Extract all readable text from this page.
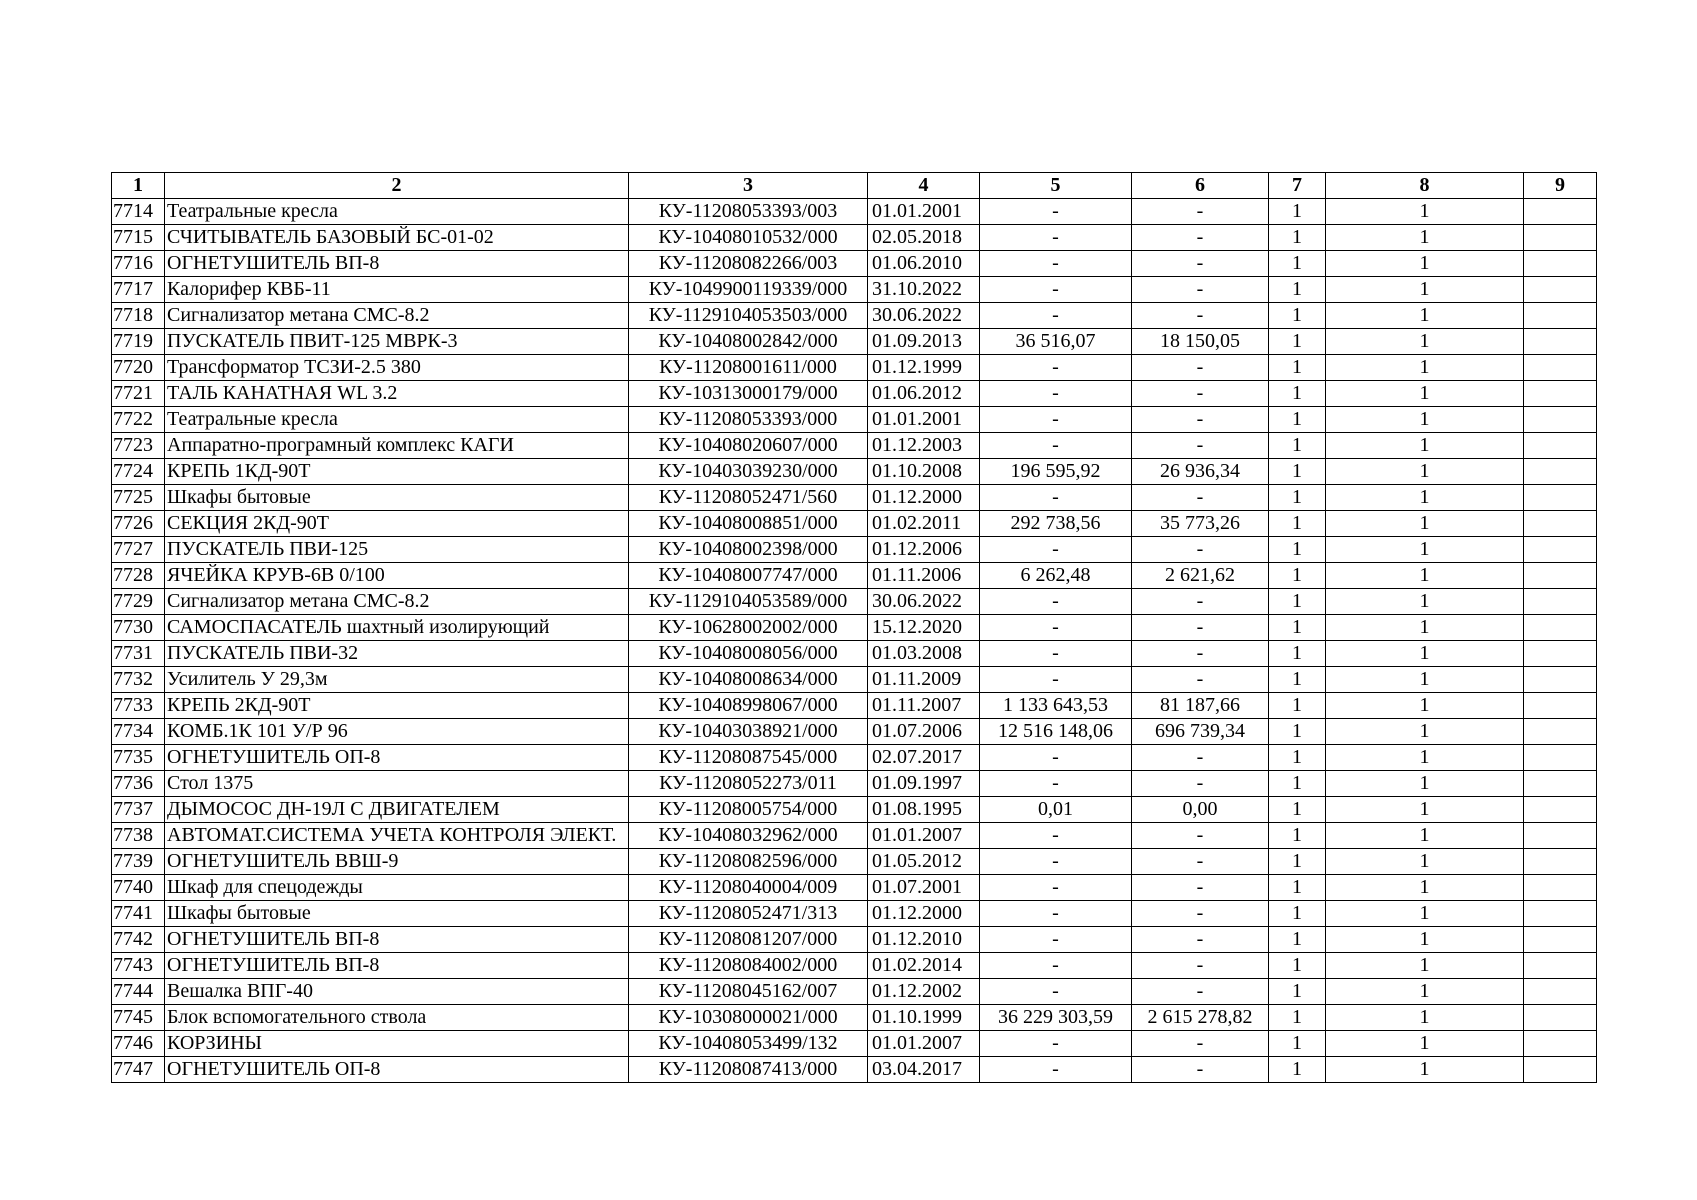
1	2	3	4	5	6	7	8	9
7714	Театральные кресла	КУ-11208053393/003	01.01.2001	-	-	1	1	
7715	СЧИТЫВАТЕЛЬ БАЗОВЫЙ БС-01-02	КУ-10408010532/000	02.05.2018	-	-	1	1	
7716	ОГНЕТУШИТЕЛЬ ВП-8	КУ-11208082266/003	01.06.2010	-	-	1	1	
7717	Калорифер КВБ-11	КУ-1049900119339/000	31.10.2022	-	-	1	1	
7718	Сигнализатор метана СМС-8.2	КУ-1129104053503/000	30.06.2022	-	-	1	1	
7719	ПУСКАТЕЛЬ ПВИТ-125 МВРК-3	КУ-10408002842/000	01.09.2013	36 516,07	18 150,05	1	1	
7720	Трансформатор ТСЗИ-2.5 380	КУ-11208001611/000	01.12.1999	-	-	1	1	
7721	ТАЛЬ КАНАТНАЯ WL 3.2	КУ-10313000179/000	01.06.2012	-	-	1	1	
7722	Театральные кресла	КУ-11208053393/000	01.01.2001	-	-	1	1	
7723	Аппаратно-програмный комплекс КАГИ	КУ-10408020607/000	01.12.2003	-	-	1	1	
7724	КРЕПЬ 1КД-90Т	КУ-10403039230/000	01.10.2008	196 595,92	26 936,34	1	1	
7725	Шкафы бытовые	КУ-11208052471/560	01.12.2000	-	-	1	1	
7726	СЕКЦИЯ 2КД-90Т	КУ-10408008851/000	01.02.2011	292 738,56	35 773,26	1	1	
7727	ПУСКАТЕЛЬ ПВИ-125	КУ-10408002398/000	01.12.2006	-	-	1	1	
7728	ЯЧЕЙКА КРУВ-6В 0/100	КУ-10408007747/000	01.11.2006	6 262,48	2 621,62	1	1	
7729	Сигнализатор метана СМС-8.2	КУ-1129104053589/000	30.06.2022	-	-	1	1	
7730	САМОСПАСАТЕЛЬ шахтный изолирующий	КУ-10628002002/000	15.12.2020	-	-	1	1	
7731	ПУСКАТЕЛЬ ПВИ-32	КУ-10408008056/000	01.03.2008	-	-	1	1	
7732	Усилитель У 29,3м	КУ-10408008634/000	01.11.2009	-	-	1	1	
7733	КРЕПЬ 2КД-90Т	КУ-10408998067/000	01.11.2007	1 133 643,53	81 187,66	1	1	
7734	КОМБ.1К 101 У/Р 96	КУ-10403038921/000	01.07.2006	12 516 148,06	696 739,34	1	1	
7735	ОГНЕТУШИТЕЛЬ ОП-8	КУ-11208087545/000	02.07.2017	-	-	1	1	
7736	Стол 1375	КУ-11208052273/011	01.09.1997	-	-	1	1	
7737	ДЫМОСОС ДН-19Л С ДВИГАТЕЛЕМ	КУ-11208005754/000	01.08.1995	0,01	0,00	1	1	
7738	АВТОМАТ.СИСТЕМА УЧЕТА КОНТРОЛЯ ЭЛЕКТ.	КУ-10408032962/000	01.01.2007	-	-	1	1	
7739	ОГНЕТУШИТЕЛЬ ВВШ-9	КУ-11208082596/000	01.05.2012	-	-	1	1	
7740	Шкаф для спецодежды	КУ-11208040004/009	01.07.2001	-	-	1	1	
7741	Шкафы бытовые	КУ-11208052471/313	01.12.2000	-	-	1	1	
7742	ОГНЕТУШИТЕЛЬ ВП-8	КУ-11208081207/000	01.12.2010	-	-	1	1	
7743	ОГНЕТУШИТЕЛЬ ВП-8	КУ-11208084002/000	01.02.2014	-	-	1	1	
7744	Вешалка ВПГ-40	КУ-11208045162/007	01.12.2002	-	-	1	1	
7745	Блок вспомогательного ствола	КУ-10308000021/000	01.10.1999	36 229 303,59	2 615 278,82	1	1	
7746	КОРЗИНЫ	КУ-10408053499/132	01.01.2007	-	-	1	1	
7747	ОГНЕТУШИТЕЛЬ ОП-8	КУ-11208087413/000	03.04.2017	-	-	1	1	
